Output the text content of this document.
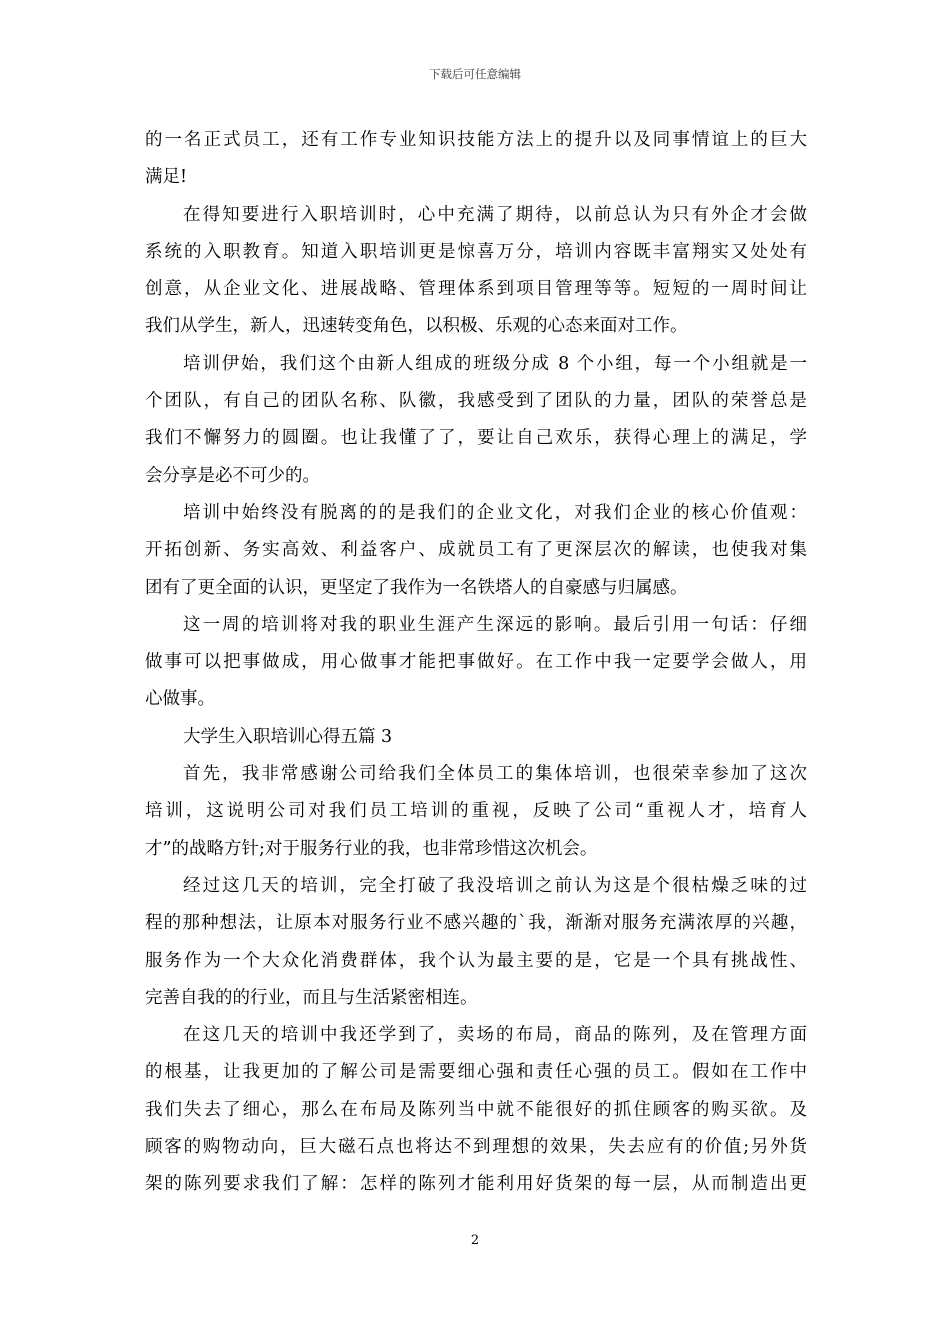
下载后可任意编辑

的一名正式员工，还有工作专业知识技能方法上的提升以及同事情谊上的巨大
满足!

在得知要进行入职培训时，心中充满了期待，以前总认为只有外企才会做
系统的入职教育。知道入职培训更是惊喜万分，培训内容既丰富翔实又处处有
创意，从企业文化、进展战略、管理体系到项目管理等等。短短的一周时间让
我们从学生，新人，迅速转变角色，以积极、乐观的心态来面对工作。

培训伊始，我们这个由新人组成的班级分成 8 个小组，每一个小组就是一
个团队，有自己的团队名称、队徽，我感受到了团队的力量，团队的荣誉总是
我们不懈努力的圆圈。也让我懂了了，要让自己欢乐，获得心理上的满足，学
会分享是必不可少的。

培训中始终没有脱离的的是我们的企业文化，对我们企业的核心价值观：
开拓创新、务实高效、利益客户、成就员工有了更深层次的解读，也使我对集
团有了更全面的认识，更坚定了我作为一名铁塔人的自豪感与归属感。

这一周的培训将对我的职业生涯产生深远的影响。最后引用一句话：仔细
做事可以把事做成，用心做事才能把事做好。在工作中我一定要学会做人，用
心做事。

大学生入职培训心得五篇 3

首先，我非常感谢公司给我们全体员工的集体培训，也很荣幸参加了这次
培训，这说明公司对我们员工培训的重视，反映了公司“重视人才，培育人
才”的战略方针;对于服务行业的我，也非常珍惜这次机会。

经过这几天的培训，完全打破了我没培训之前认为这是个很枯燥乏味的过
程的那种想法，让原本对服务行业不感兴趣的`我，渐渐对服务充满浓厚的兴趣，
服务作为一个大众化消费群体，我个认为最主要的是，它是一个具有挑战性、
完善自我的的行业，而且与生活紧密相连。

在这几天的培训中我还学到了，卖场的布局，商品的陈列，及在管理方面
的根基，让我更加的了解公司是需要细心强和责任心强的员工。假如在工作中
我们失去了细心，那么在布局及陈列当中就不能很好的抓住顾客的购买欲。及
顾客的购物动向，巨大磁石点也将达不到理想的效果，失去应有的价值;另外货
架的陈列要求我们了解：怎样的陈列才能利用好货架的每一层，从而制造出更

2
